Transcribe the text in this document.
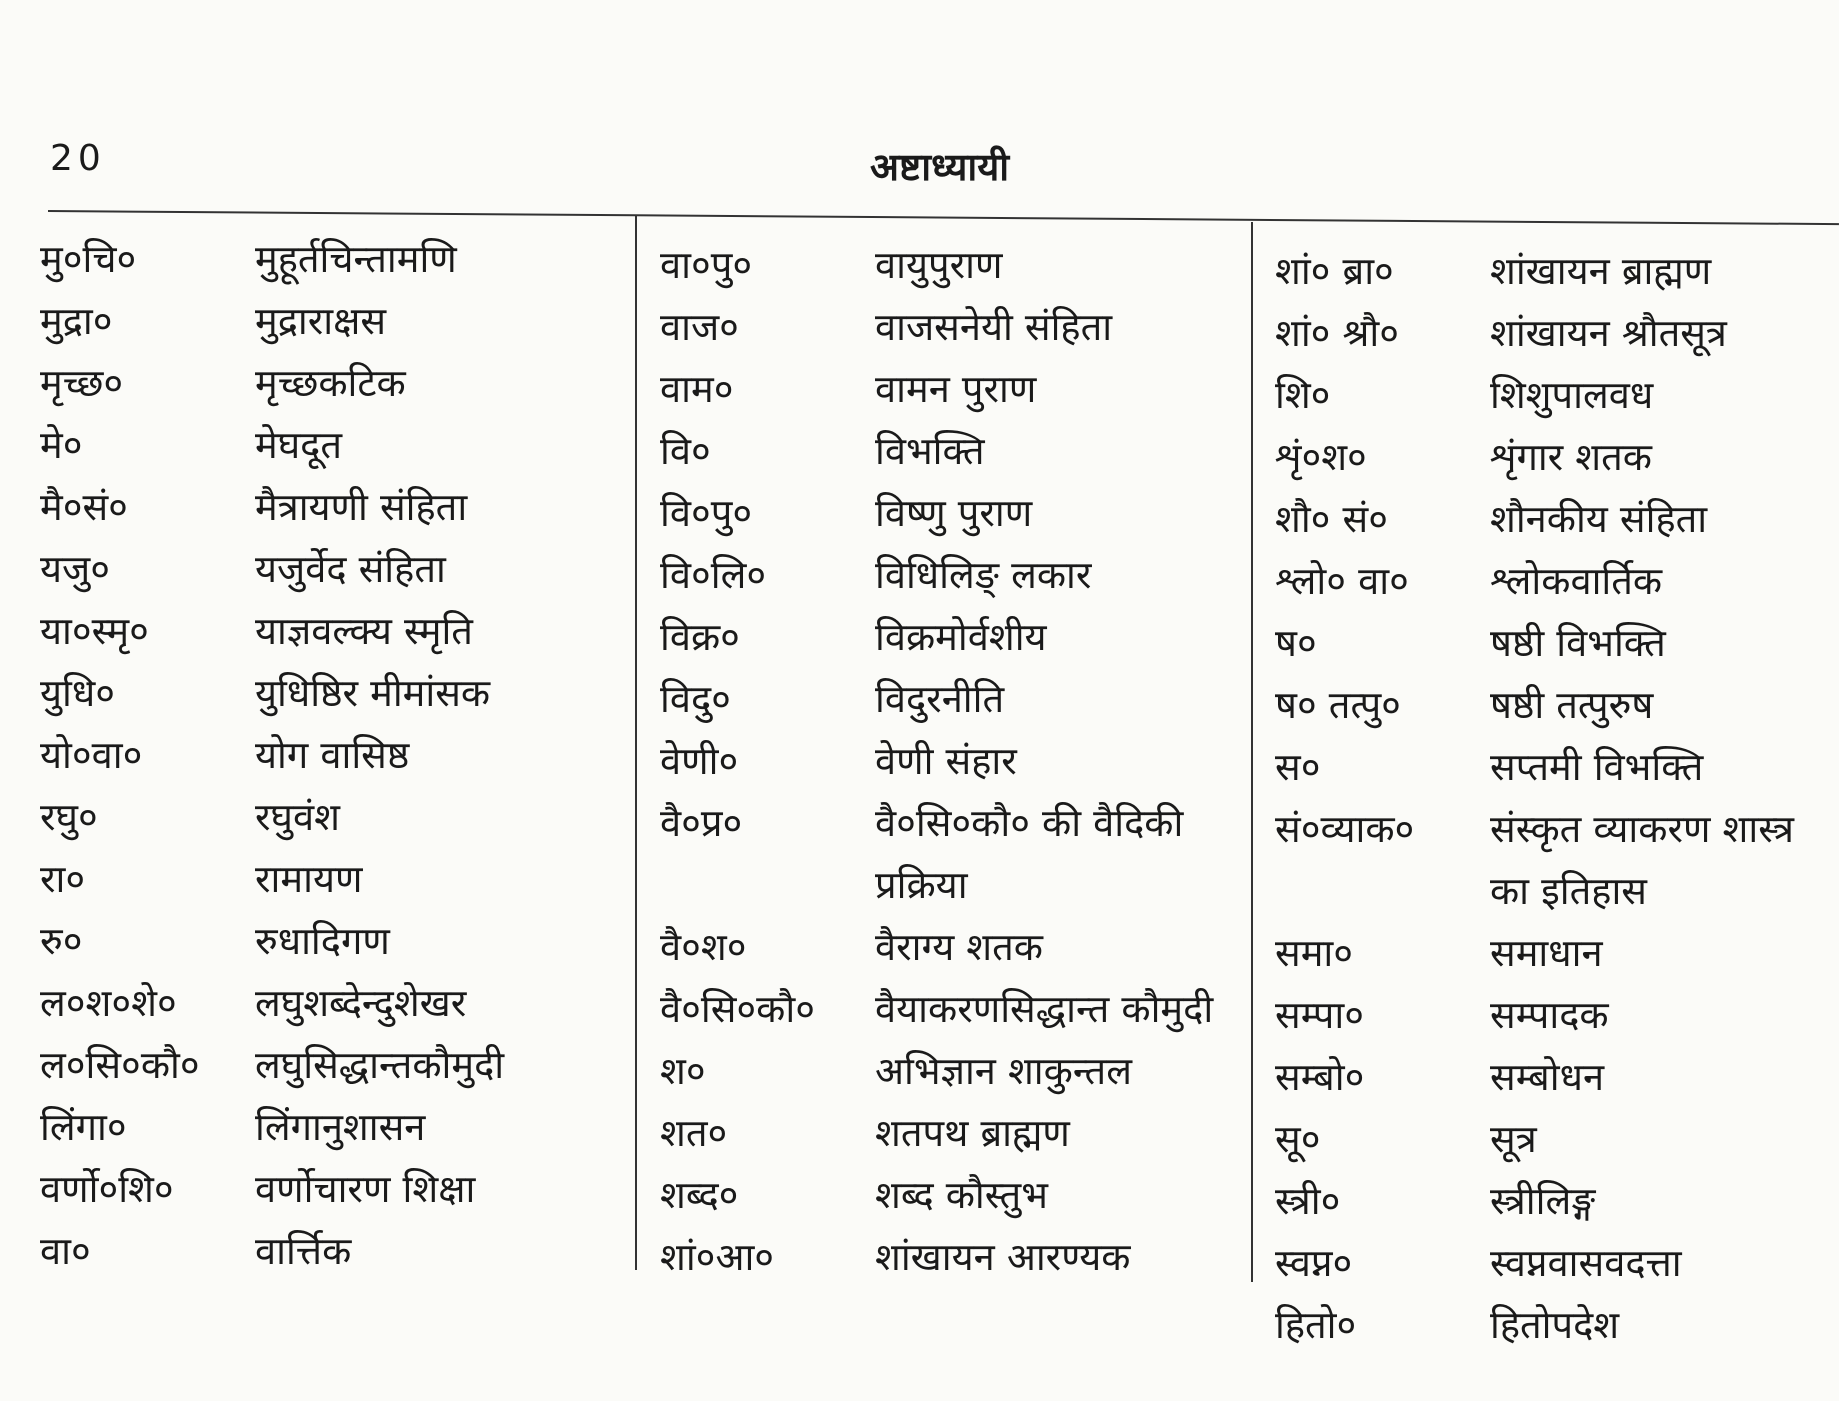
20	अष्टाध्यायी
मु०चि०	मुहूर्तचिन्तामणि
मुद्रा०	मुद्राराक्षस
मृच्छ०	मृच्छकटिक
मे०	मेघदूत
मै०सं०	मैत्रायणी संहिता
यजु०	यजुर्वेद संहिता
या०स्मृ०	याज्ञवल्क्य स्मृति
युधि०	युधिष्ठिर मीमांसक
यो०वा०	योग वासिष्ठ
रघु०	रघुवंश
रा०	रामायण
रु०	रुधादिगण
ल०श०शे०	लघुशब्देन्दुशेखर
ल०सि०कौ०	लघुसिद्धान्तकौमुदी
लिंगा०	लिंगानुशासन
वर्णो०शि०	वर्णोचारण शिक्षा
वा०	वार्त्तिक
वा०पु०	वायुपुराण
वाज०	वाजसनेयी संहिता
वाम०	वामन पुराण
वि०	विभक्ति
वि०पु०	विष्णु पुराण
वि०लि०	विधिलिङ् लकार
विक्र०	विक्रमोर्वशीय
विदु०	विदुरनीति
वेणी०	वेणी संहार
वै०प्र०	वै०सि०कौ० की वैदिकी प्रक्रिया
वै०श०	वैराग्य शतक
वै०सि०कौ०	वैयाकरणसिद्धान्त कौमुदी
श०	अभिज्ञान शाकुन्तल
शत०	शतपथ ब्राह्मण
शब्द०	शब्द कौस्तुभ
शां०आ०	शांखायन आरण्यक
शां० ब्रा०	शांखायन ब्राह्मण
शां० श्रौ०	शांखायन श्रौतसूत्र
शि०	शिशुपालवध
शृं०श०	शृंगार शतक
शौ० सं०	शौनकीय संहिता
श्लो० वा०	श्लोकवार्तिक
ष०	षष्ठी विभक्ति
ष० तत्पु०	षष्ठी तत्पुरुष
स०	सप्तमी विभक्ति
सं०व्याक०	संस्कृत व्याकरण शास्त्र का इतिहास
समा०	समाधान
सम्पा०	सम्पादक
सम्बो०	सम्बोधन
सू०	सूत्र
स्त्री०	स्त्रीलिङ्ग
स्वप्न०	स्वप्नवासवदत्ता
हितो०	हितोपदेश
